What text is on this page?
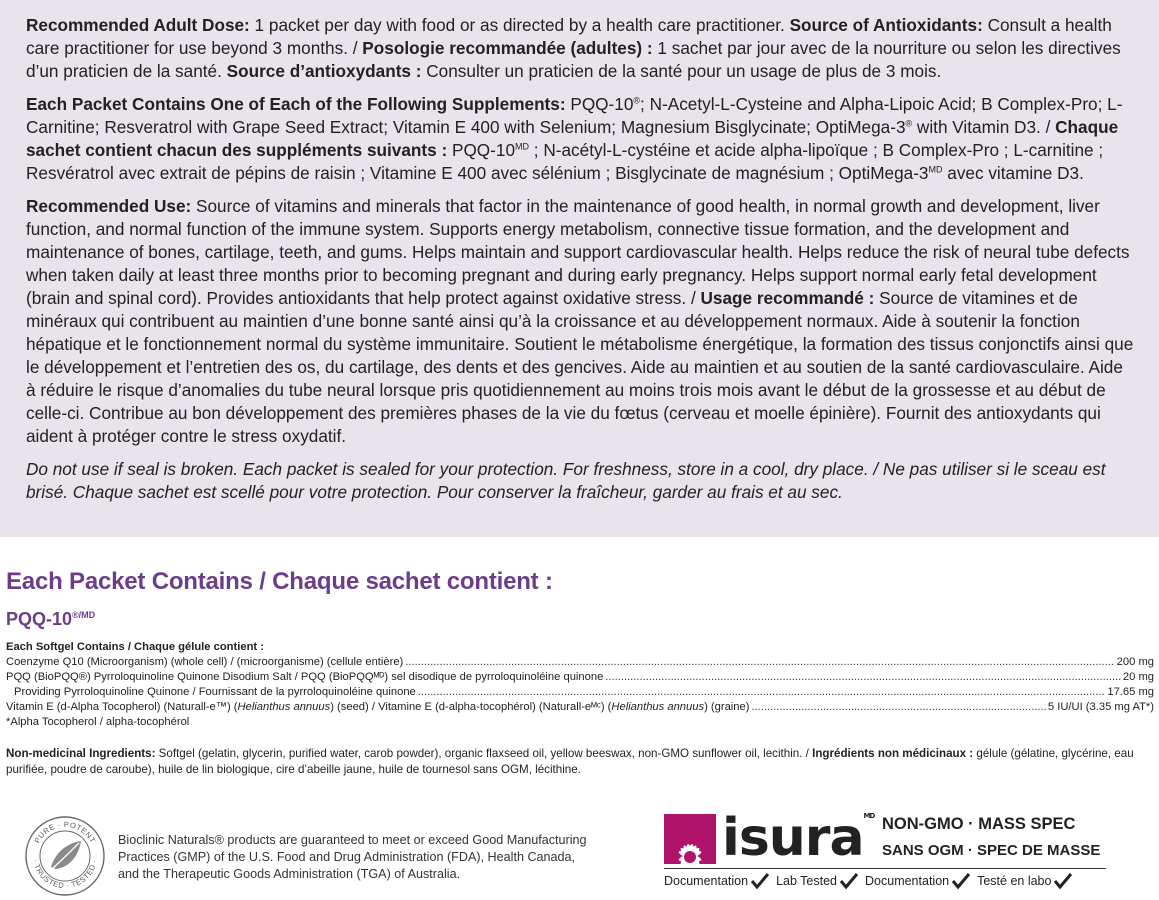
Recommended Adult Dose: 1 packet per day with food or as directed by a health care practitioner. Source of Antioxidants: Consult a health care practitioner for use beyond 3 months. / Posologie recommandée (adultes) : 1 sachet par jour avec de la nourriture ou selon les directives d’un praticien de la santé. Source d’antioxydants : Consulter un praticien de la santé pour un usage de plus de 3 mois.

Each Packet Contains One of Each of the Following Supplements: PQQ-10®; N-Acetyl-L-Cysteine and Alpha-Lipoic Acid; B Complex-Pro; L-Carnitine; Resveratrol with Grape Seed Extract; Vitamin E 400 with Selenium; Magnesium Bisglycinate; OptiMega-3® with Vitamin D3. / Chaque sachet contient chacun des suppléments suivants : PQQ-$10^{MD}$ ; N-acétyl-L-cystéine et acide alpha-lipoïque ; B Complex-Pro ; L-carnitine ; Resvératrol avec extrait de pépins de raisin ; Vitamine E 400 avec sélénium ; Bisglycinate de magnésium ; OptiMega-$3^{MD}$ avec vitamine D3.

Recommended Use: Source of vitamins and minerals that factor in the maintenance of good health, in normal growth and development, liver function, and normal function of the immune system. Supports energy metabolism, connective tissue formation, and the development and maintenance of bones, cartilage, teeth, and gums. Helps maintain and support cardiovascular health. Helps reduce the risk of neural tube defects when taken daily at least three months prior to becoming pregnant and during early pregnancy. Helps support normal early fetal development (brain and spinal cord). Provides antioxidants that help protect against oxidative stress. / Usage recommandé : Source de vitamines et de minéraux qui contribuent au maintien d’une bonne santé ainsi qu’à la croissance et au développement normaux. Aide à soutenir la fonction hépatique et le fonctionnement normal du système immunitaire. Soutient le métabolisme énergétique, la formation des tissus conjonctifs ainsi que le développement et l’entretien des os, du cartilage, des dents et des gencives. Aide au maintien et au soutien de la santé cardiovasculaire. Aide à réduire le risque d’anomalies du tube neural lorsque pris quotidiennement au moins trois mois avant le début de la grossesse et au début de celle-ci. Contribue au bon développement des premières phases de la vie du fœtus (cerveau et moelle épinière). Fournit des antioxydants qui aident à protéger contre le stress oxydatif.

Do not use if seal is broken. Each packet is sealed for your protection. For freshness, store in a cool, dry place. / Ne pas utiliser si le sceau est brisé. Chaque sachet est scellé pour votre protection. Pour conserver la fraîcheur, garder au frais et au sec.

Each Packet Contains / Chaque sachet contient :
PQQ-$10^{®/MD}$
Each Softgel Contains / Chaque gélule contient :
Coenzyme Q10 (Microorganism) (whole cell) / (microorganisme) (cellule entière) .....	200 mg
PQQ (BioPQQ®) Pyrroloquinoline Quinone Disodium Salt / PQQ (BioPQQᴹᴰ) sel disodique de pyrroloquinoléine quinone .....	20 mg
Providing Pyrroloquinoline Quinone / Fournissant de la pyrroloquinoléine quinone .....	17.65 mg
Vitamin E (d-Alpha Tocopherol) (Naturall-e™) (Helianthus annuus) (seed) / Vitamine E (d-alpha-tocophérol) (Naturall-eᴹᶜ) (Helianthus annuus) (graine) .....	5 IU/UI (3.35 mg AT*)
*Alpha Tocopherol / alpha-tocophérol
Non-medicinal Ingredients: Softgel (gelatin, glycerin, purified water, carob powder), organic flaxseed oil, yellow beeswax, non-GMO sunflower oil, lecithin. / Ingrédients non médicinaux : gélule (gélatine, glycérine, eau purifiée, poudre de caroube), huile de lin biologique, cire d’abeille jaune, huile de tournesol sans OGM, lécithine.
PURE · POTENT
· TRUSTED · TESTED ·
Bioclinic Naturals® products are guaranteed to meet or exceed Good Manufacturing Practices (GMP) of the U.S. Food and Drug Administration (FDA), Health Canada, and the Therapeutic Goods Administration (TGA) of Australia.
isura$^{MD}$ NON-GMO · MASS SPEC
SANS OGM · SPEC DE MASSE
Documentation Lab Tested Documentation Testé en labo
